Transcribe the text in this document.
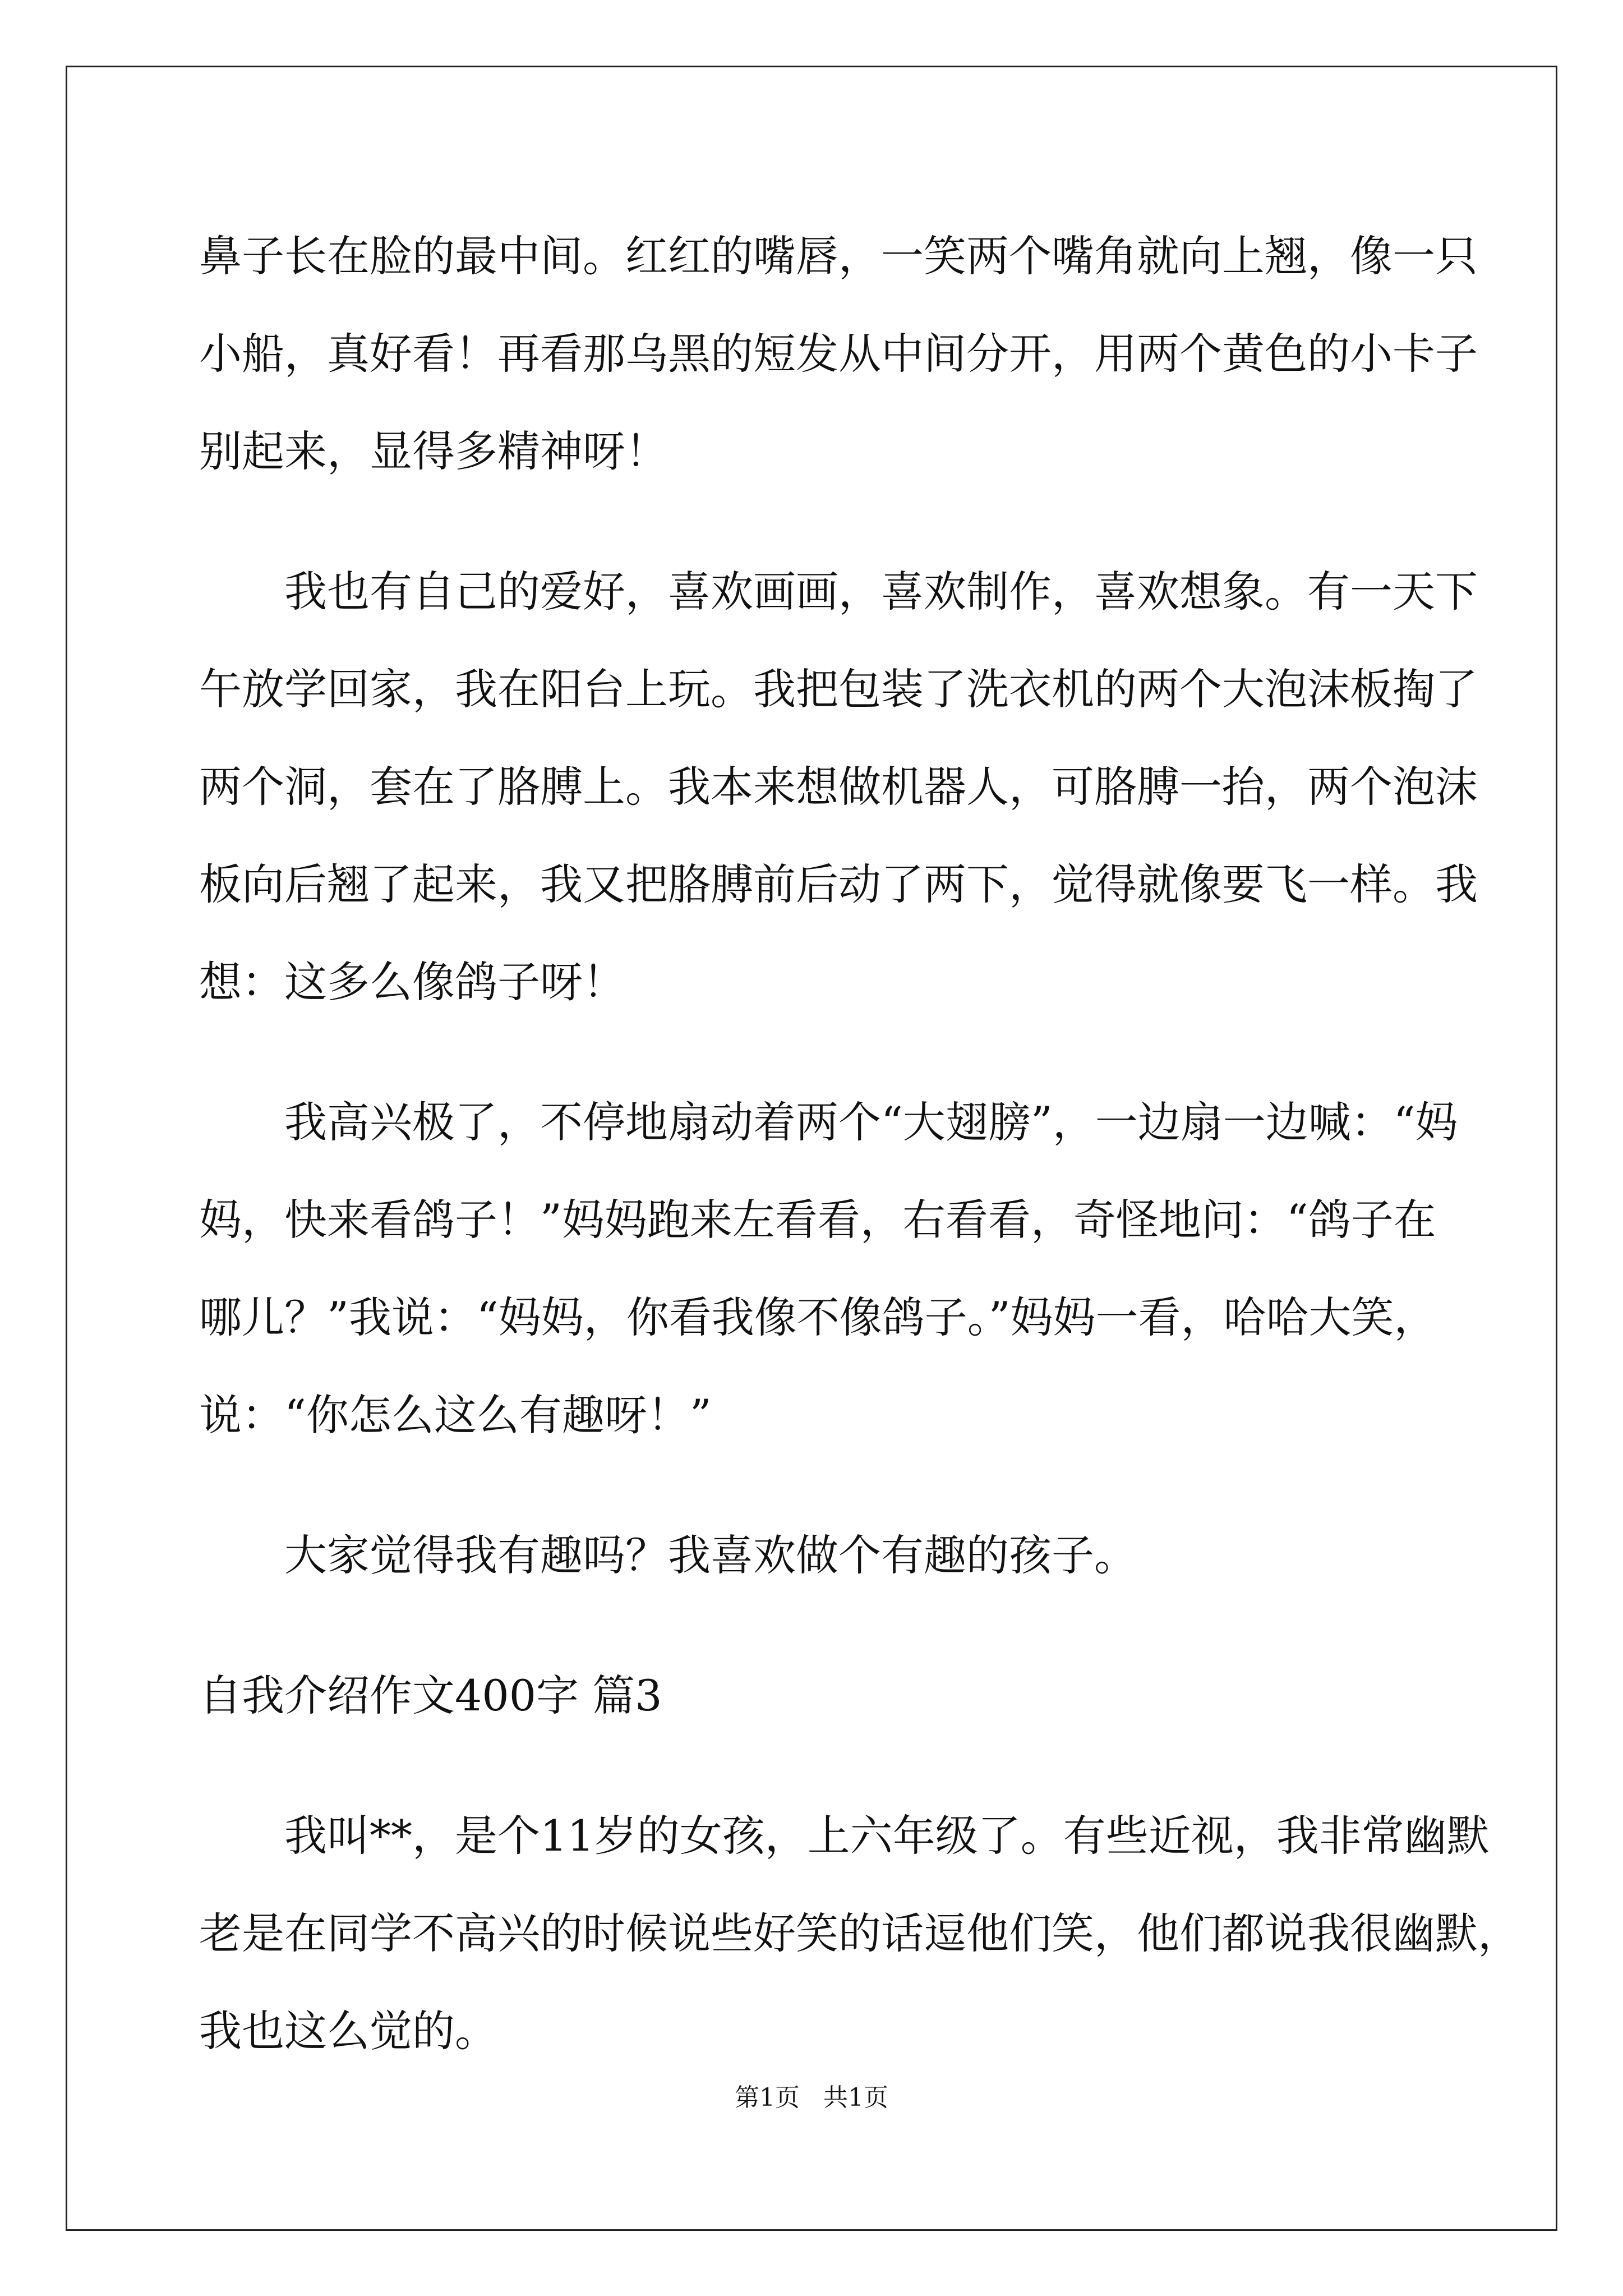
鼻子长在脸的最中间。红红的嘴唇，一笑两个嘴角就向上翘，像一只
小船，真好看！再看那乌黑的短发从中间分开，用两个黄色的小卡子
别起来，显得多精神呀！
我也有自己的爱好，喜欢画画，喜欢制作，喜欢想象。有一天下
午放学回家，我在阳台上玩。我把包装了洗衣机的两个大泡沫板掏了
两个洞，套在了胳膊上。我本来想做机器人，可胳膊一抬，两个泡沫
板向后翘了起来，我又把胳膊前后动了两下，觉得就像要飞一样。我
想：这多么像鸽子呀！
我高兴极了，不停地扇动着两个“大翅膀”，一边扇一边喊：“妈
妈，快来看鸽子！”妈妈跑来左看看，右看看，奇怪地问：“鸽子在
哪儿？”我说：“妈妈，你看我像不像鸽子。”妈妈一看，哈哈大笑，
说：“你怎么这么有趣呀！”
大家觉得我有趣吗？我喜欢做个有趣的孩子。
自我介绍作文400字 篇3
我叫**，是个11岁的女孩，上六年级了。有些近视，我非常幽默
老是在同学不高兴的时候说些好笑的话逗他们笑，他们都说我很幽默，
我也这么觉的。
第1页   共1页
